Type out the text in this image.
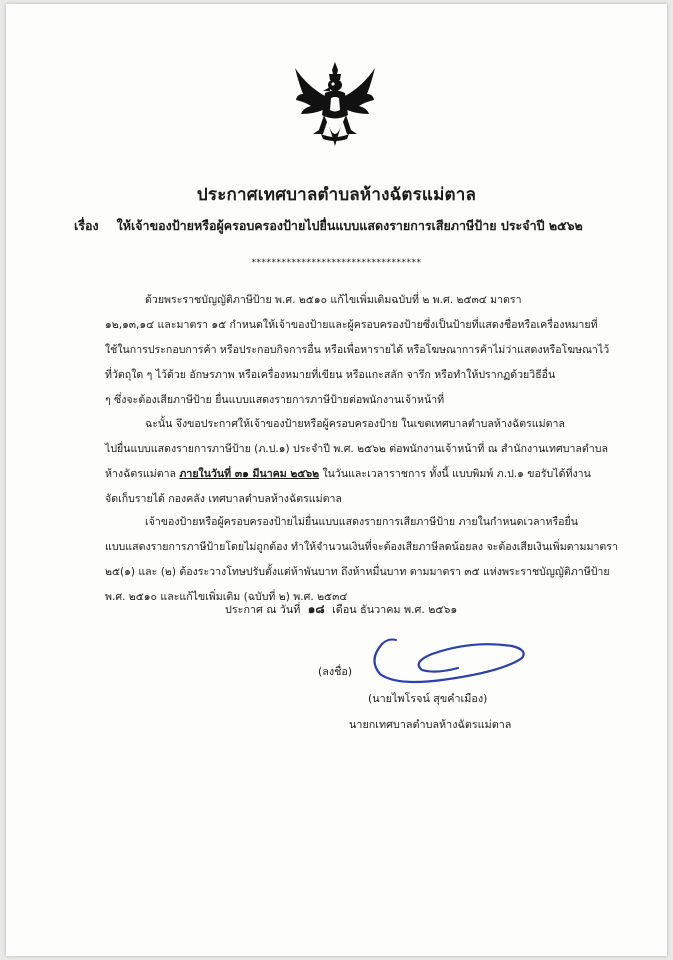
ประกาศเทศบาลตำบลห้างฉัตรแม่ตาล
เรื่อง ให้เจ้าของป้ายหรือผู้ครอบครองป้ายไปยื่นแบบแสดงรายการเสียภาษีป้าย ประจำปี ๒๕๖๒
**********************************

ด้วยพระราชบัญญัติภาษีป้าย พ.ศ. ๒๕๑๐ แก้ไขเพิ่มเติมฉบับที่ ๒ พ.ศ. ๒๕๓๔ มาตรา

๑๒,๑๓,๑๔ และมาตรา ๑๕ กำหนดให้เจ้าของป้ายและผู้ครอบครองป้ายซึ่งเป็นป้ายที่แสดงชื่อหรือเครื่องหมายที่

ใช้ในการประกอบการค้า หรือประกอบกิจการอื่น หรือเพื่อหารายได้ หรือโฆษณาการค้าไม่ว่าแสดงหรือโฆษณาไว้

ที่วัตถุใด ๆ ไว้ด้วย อักษรภาพ หรือเครื่องหมายที่เขียน หรือแกะสลัก จารึก หรือทำให้ปรากฏด้วยวิธีอื่น

ๆ ซึ่งจะต้องเสียภาษีป้าย ยื่นแบบแสดงรายการภาษีป้ายต่อพนักงานเจ้าหน้าที่

ฉะนั้น จึงขอประกาศให้เจ้าของป้ายหรือผู้ครอบครองป้าย ในเขตเทศบาลตำบลห้างฉัตรแม่ตาล

ไปยื่นแบบแสดงรายการภาษีป้าย (ภ.ป.๑) ประจำปี พ.ศ. ๒๕๖๒ ต่อพนักงานเจ้าหน้าที่ ณ สำนักงานเทศบาลตำบล

ห้างฉัตรแม่ตาล ภายในวันที่ ๓๑ มีนาคม ๒๕๖๒ ในวันและเวลาราชการ ทั้งนี้ แบบพิมพ์ ภ.ป.๑ ขอรับได้ที่งาน

จัดเก็บรายได้ กองคลัง เทศบาลตำบลห้างฉัตรแม่ตาล

เจ้าของป้ายหรือผู้ครอบครองป้ายไม่ยื่นแบบแสดงรายการเสียภาษีป้าย ภายในกำหนดเวลาหรือยื่น

แบบแสดงรายการภาษีป้ายโดยไม่ถูกต้อง ทำให้จำนวนเงินที่จะต้องเสียภาษีลดน้อยลง จะต้องเสียเงินเพิ่มตามมาตรา

๒๕(๑) และ (๒) ต้องระวางโทษปรับตั้งแต่ห้าพันบาท ถึงห้าหมื่นบาท ตามมาตรา ๓๕ แห่งพระราชบัญญัติภาษีป้าย

พ.ศ. ๒๕๑๐ และแก้ไขเพิ่มเติม (ฉบับที่ ๒) พ.ศ. ๒๕๓๔

ประกาศ ณ วันที่ ๑๘ เดือน ธันวาคม พ.ศ. ๒๕๖๑
(ลงชื่อ)
(นายไพโรจน์ สุขคำเมือง)
นายกเทศบาลตำบลห้างฉัตรแม่ตาล
